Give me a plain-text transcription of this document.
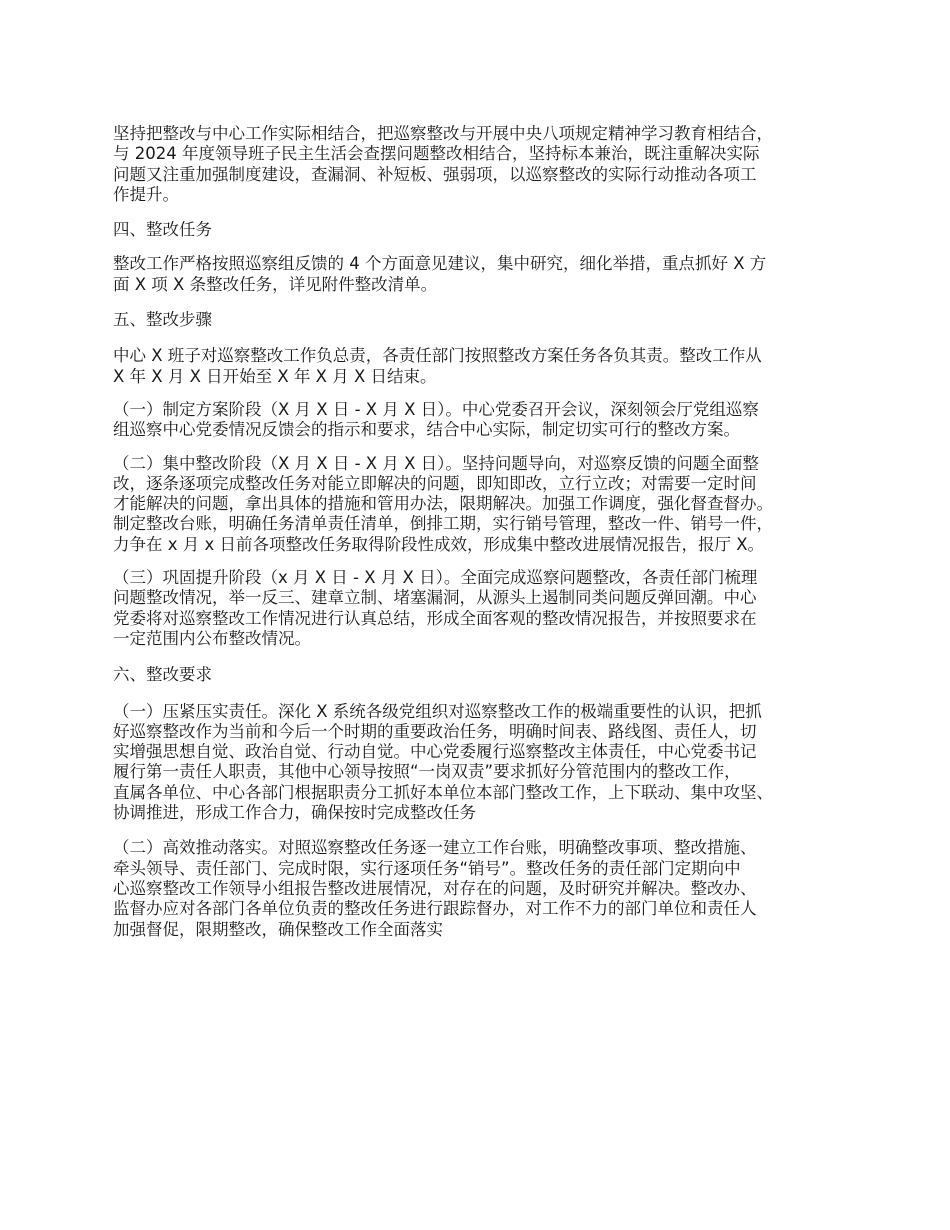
坚持把整改与中心工作实际相结合，把巡察整改与开展中央八项规定精神学习教育相结合，
与 2024 年度领导班子民主生活会查摆问题整改相结合，坚持标本兼治，既注重解决实际
问题又注重加强制度建设，查漏洞、补短板、强弱项，以巡察整改的实际行动推动各项工
作提升。

四、整改任务

整改工作严格按照巡察组反馈的 4 个方面意见建议，集中研究，细化举措，重点抓好 X 方
面 X 项 X 条整改任务，详见附件整改清单。

五、整改步骤

中心 X 班子对巡察整改工作负总责，各责任部门按照整改方案任务各负其责。整改工作从
X 年 X 月 X 日开始至 X 年 X 月 X 日结束。

（一）制定方案阶段（X 月 X 日 - X 月 X 日）。中心党委召开会议，深刻领会厅党组巡察
组巡察中心党委情况反馈会的指示和要求，结合中心实际，制定切实可行的整改方案。

（二）集中整改阶段（X 月 X 日 - X 月 X 日）。坚持问题导向，对巡察反馈的问题全面整
改，逐条逐项完成整改任务对能立即解决的问题，即知即改，立行立改；对需要一定时间
才能解决的问题，拿出具体的措施和管用办法，限期解决。加强工作调度，强化督查督办。
制定整改台账，明确任务清单责任清单，倒排工期，实行销号管理，整改一件、销号一件，
力争在 x 月 x 日前各项整改任务取得阶段性成效，形成集中整改进展情况报告，报厅 X。

（三）巩固提升阶段（x 月 X 日 - X 月 X 日）。全面完成巡察问题整改，各责任部门梳理
问题整改情况，举一反三、建章立制、堵塞漏洞，从源头上遏制同类问题反弹回潮。中心
党委将对巡察整改工作情况进行认真总结，形成全面客观的整改情况报告，并按照要求在
一定范围内公布整改情况。

六、整改要求

（一）压紧压实责任。深化 X 系统各级党组织对巡察整改工作的极端重要性的认识，把抓
好巡察整改作为当前和今后一个时期的重要政治任务，明确时间表、路线图、责任人，切
实增强思想自觉、政治自觉、行动自觉。中心党委履行巡察整改主体责任，中心党委书记
履行第一责任人职责，其他中心领导按照“一岗双责”要求抓好分管范围内的整改工作，
直属各单位、中心各部门根据职责分工抓好本单位本部门整改工作，上下联动、集中攻坚、
协调推进，形成工作合力，确保按时完成整改任务

（二）高效推动落实。对照巡察整改任务逐一建立工作台账，明确整改事项、整改措施、
牵头领导、责任部门、完成时限，实行逐项任务“销号”。整改任务的责任部门定期向中
心巡察整改工作领导小组报告整改进展情况，对存在的问题，及时研究并解决。整改办、
监督办应对各部门各单位负责的整改任务进行跟踪督办，对工作不力的部门单位和责任人
加强督促，限期整改，确保整改工作全面落实
